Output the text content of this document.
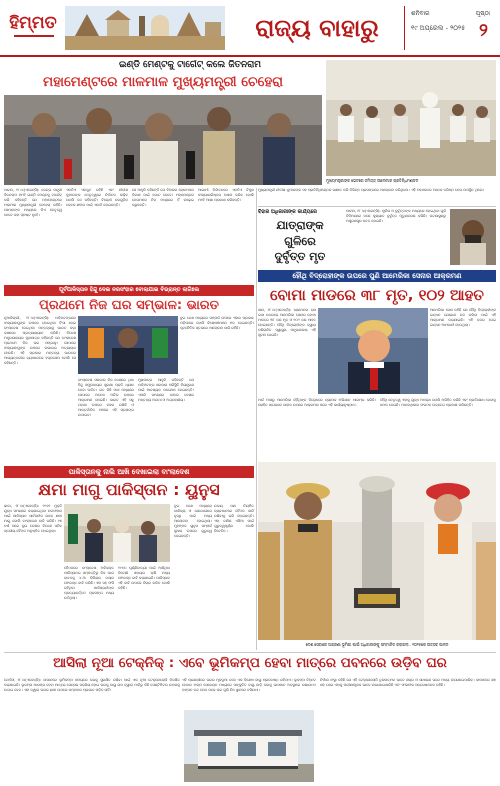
ହିମ୍ମତ	ରାଜ୍ୟ ବାହାରୁ	ଶନିବାର	ପୃଷ୍ଠା
୧୯ ଅପ୍ରେଲ - ୨୦୨୫ ୨
ଇଣ୍ଡି ମେଣ୍ଟକୁ ଟାର୍ଗେଟ୍ କଲେ ଜିତନରାମ
ମହାମେଣ୍ଟରେ ମାଳମାଳ ମୁଖ୍ୟମନ୍ତ୍ରୀ ଚେହେରା
ପାଟନା, ୧୮।୪(ଏଜେନ୍ସି): କେନ୍ଦ୍ର ମନ୍ତ୍ରୀ ଜିତନରାମ ମାଂଝି ଇଣ୍ଡି ମେଣ୍ଟକୁ ଟାର୍ଗେଟ୍ କରି କହିଛନ୍ତି ଯେ ମହାମେଣ୍ଟରେ ମାଳମାଳ ମୁଖ୍ୟମନ୍ତ୍ରୀ ଚେହେରା ରହିଛି। ସେମାନଙ୍କ ମଧ୍ୟରେ କିଏ ନେତୃତ୍ୱ ନେବେ ତାହା ସ୍ପଷ୍ଟ ନୁହେଁ।
ଏନଡିଏ ଏକଜୁଟ ରହିଛି ଏବଂ ନୀତୀଶ କୁମାରଙ୍କ ନେତୃତ୍ୱରେ ନିର୍ବାଚନ ଲଢ଼ିବ ବୋଲି ସେ କହିଛନ୍ତି। ବିରୋଧୀ ଦଳଗୁଡ଼ିକ କେବଳ କ୍ଷମତା ପାଇଁ ଏକାଠି ହୋଇଛନ୍ତି।
ସେ ଆହୁରି କହିଛନ୍ତି ଯେ ବିହାରର ଲୋକମାନେ ବିକାଶ ପାଇଁ ଭୋଟ ଦେବେ। ମହାମେଣ୍ଟର ନେତାମାନେ ନିଜ ମଧ୍ୟରେ ହିଁ ଲଢ଼େଇ କରୁଛନ୍ତି।
ଆଗାମୀ ନିର୍ବାଚନରେ ଏନଡିଏ ବିପୁଳ ସଂଖ୍ୟାଗରିଷ୍ଠତା ହାସଲ କରିବ ବୋଲି ମାଂଝି ଆଶା ପ୍ରକାଶ କରିଛନ୍ତି।
ମୁଖ୍ୟମନ୍ତ୍ରୀଙ୍କ ଭେଟରେ ଜମିୟତ୍ ଉଲେମାର ପ୍ରତିନିଧିମଣ୍ଡଳ
ମୁଖ୍ୟମନ୍ତ୍ରୀ ନୀତୀଶ କୁମାରଙ୍କ ସହ ପ୍ରତିନିଧିମଣ୍ଡଳ ସାକ୍ଷାତ କରି ବିଭିନ୍ନ ପ୍ରସଙ୍ଗରେ ଆଲୋଚନା କରିଥିଲେ। ଏହି ଅବସରରେ ଅନେକ ବରିଷ୍ଠ ନେତା ଉପସ୍ଥିତ ଥିଲେ।
ବିହାର ଅଧିକାରୀଙ୍କ କାର୍ଯ୍ୟରେ
ଯାତ୍ରାଙ୍କ
ଗୁଳିରେ
ଦୁର୍ବୃତ୍ତ ମୃତ
ପାଟନା, ୧୮।୪(ଏଜେନ୍ସି): ପୁଲିସ ଓ ଦୁର୍ବୃତ୍ତଙ୍କ ମଧ୍ୟରେ ହୋଇଥିବା ଗୁଳି ବିନିମୟରେ ଜଣେ କୁଖ୍ୟାତ ଦୁର୍ବୃତ୍ତ ମୃତ୍ୟୁବରଣ କରିଛି। ଘଟଣାସ୍ଥଳରୁ ଅସ୍ତ୍ରଶସ୍ତ୍ର ଜବତ ହୋଇଛି।
ହୌଥି ବିଦ୍ରୋହୀଙ୍କ ଉପରେ ପୁଣି ଆମେରିକା ସେନାର ଆକ୍ରମଣ
ପୂର୍ବପାକିସ୍ତାନ ହିନ୍ଦୁ ଦେଇ ନରସଂହାର ବୋଲାଯାଇ ବିଭ୍ରାନ୍ତ ଲାଗିଲେ
ପ୍ରଥମେ ନିଜ ଘର ସମ୍ଭାଳ: ଭାରତ
ନୂଆଦିଲ୍ଲୀ, ୧୮।୪(ଏଜେନ୍ସି): ପଶ୍ଚିମବଙ୍ଗରେ ସଂଖ୍ୟାଲଘୁଙ୍କ ଉପରେ ହୋଇଥିବା ହିଂସା ନେଇ ବାଂଲାଦେଶ ଦେଇଥିବା ମନ୍ତବ୍ୟକୁ ଭାରତ କଡ଼ା ଭାଷାରେ ପ୍ରତ୍ୟାଖ୍ୟାନ କରିଛି। ବିଦେଶ ମନ୍ତ୍ରଣାଳୟର ମୁଖପାତ୍ର କହିଛନ୍ତି ଯେ ବାଂଲାଦେଶ ପ୍ରଥମେ ନିଜ ଘର ସମ୍ଭାଳୁ। ସେଠାରେ ସଂଖ୍ୟାଲଘୁଙ୍କ ଉପରେ ଲଗାତାର ଅତ୍ୟାଚାର ହେଉଛି। ଏହି ପ୍ରକାର ମନ୍ତବ୍ୟ ଭାରତର ଆଭ୍ୟନ୍ତରୀଣ ବ୍ୟାପାରରେ ହସ୍ତକ୍ଷେପ ବୋଲି ସେ କହିଛନ୍ତି।
ବାଂଲାଦେଶ ସରକାର ନିଜ ଦେଶରେ ଥିବା ହିନ୍ଦୁ ସମ୍ପ୍ରଦାୟର ସୁରକ୍ଷା ପ୍ରତି ଧ୍ୟାନ ଦେବା ଉଚିତ। ଗତ କିଛି ମାସ ମଧ୍ୟରେ ସେଠାରେ ଅନେକ ମନ୍ଦିର ଉପରେ ଆକ୍ରମଣ ହୋଇଛି। ଭାରତ ଏହି ସବୁ ଘଟଣା ଉପରେ ନଜର ରଖିଛି ଓ ଆନ୍ତର୍ଜାତିକ ମଞ୍ଚରେ ଏହି ପ୍ରସଙ୍ଗ ଉଠାଇବ।
ମୁଖପାତ୍ର ଆହୁରି କହିଛନ୍ତି ଯେ ପଶ୍ଚିମବଙ୍ଗ ସରକାର ପରିସ୍ଥିତି ନିୟନ୍ତ୍ରଣ ପାଇଁ ଆବଶ୍ୟକ ପଦକ୍ଷେପ ନେଇଛନ୍ତି। ଏପରି ସମୟରେ ବାହାର ଦେଶର ମନ୍ତବ୍ୟ ଅଯଥା ଓ ଅଗ୍ରହଣୀୟ।
ଦୁଇ ଦେଶ ମଧ୍ୟରେ ସମ୍ପର୍କ ଉପରେ ଏହାର ପ୍ରଭାବ ପଡ଼ିପାରେ ବୋଲି ବିଶେଷଜ୍ଞମାନେ ମତ ଦେଇଛନ୍ତି। କୂଟନୈତିକ ସ୍ତରରେ ଆଲୋଚନା ଜାରି ରହିଛି।
ବୋମା ମାଡରେ ୩୮ ମୃତ, ୧୦୨ ଆହତ
ସାନା, ୧୮।୪(ଏଜେନ୍ସି): ୟେମେନର ରାସ ଇସା ବନ୍ଦରରେ ଆମେରିକା ସେନାର ବୋମା ମାଡରେ ୩୮ ଜଣ ମୃତ ଓ ୧୦୨ ଜଣ ଆହତ ହୋଇଛନ୍ତି। ହୌଥି ବିଦ୍ରୋହୀଙ୍କ ଦ୍ୱାରା ପରିଚାଳିତ ସ୍ୱାସ୍ଥ୍ୟ ମନ୍ତ୍ରଣାଳୟ ଏହି ସୂଚନା ଦେଇଛି।
ଆମେରିକା ସେନା କହିଛି ଯେ ହୌଥି ବିଦ୍ରୋହୀଙ୍କ ଇନ୍ଧନ ଯୋଗାଣ ବନ୍ଦ କରିବା ପାଇଁ ଏହି ଆକ୍ରମଣ କରାଯାଇଛି। ଏହି ବନ୍ଦର ଦେଇ ଇନ୍ଧନ ଆମଦାନୀ ହେଉଥିଲା।
ମାର୍ଚ୍ଚ ମାସରୁ ଆମେରିକା ହୌଥିଙ୍କ ବିରୋଧରେ ବ୍ୟାପକ ଅଭିଯାନ ଆରମ୍ଭ କରିଛି। ଲୋହିତ ସାଗରରେ ଜାହାଜ ଉପରେ ଆକ୍ରମଣ ପରେ ଏହି କାର୍ଯ୍ୟାନୁଷ୍ଠାନ।
ହୌଥି ନେତୃତ୍ୱ ଏହାକୁ ଯୁଦ୍ଧ ଅପରାଧ ବୋଲି ଅଭିହିତ କରିଛି ଏବଂ ପ୍ରତିଶୋଧ ନେବାକୁ ଧମକ ଦେଇଛି। ମାନବାଧିକାର ସଂଗଠନ ଉଦ୍‌ବେଗ ପ୍ରକାଶ କରିଛନ୍ତି।
ପାକିସ୍ତାନକୁ ନାଲି ଆଖି ଦେଖାଇଲା ବାଂଲାଦେଶ
କ୍ଷମା ମାଗୁ ପାକିସ୍ତାନ : ୟୁନୁସ
ଢାକା, ୧୮।୪(ଏଜେନ୍ସି): ୧୯୭୧ ମୁକ୍ତି ଯୁଦ୍ଧ ସମୟରେ କରାଯାଇଥିବା ନରସଂହାର ପାଇଁ ପାକିସ୍ତାନ ସାର୍ବଜନୀନ ଭାବେ କ୍ଷମା ମାଗୁ ବୋଲି ବାଂଲାଦେଶ ଦାବି କରିଛି। ୧୫ ବର୍ଷ ପରେ ଦୁଇ ଦେଶର ବିଦେଶ ସଚିବ ସ୍ତରୀୟ ବୈଠକ ଅନୁଷ୍ଠିତ ହୋଇଥିଲା।
ବୈଠକରେ ବାଂଲାଦେଶ ଅବିଭକ୍ତ ପାକିସ୍ତାନର ସମ୍ପତ୍ତିରୁ ନିଜ ଭାଗ ବାବଦକୁ ୪.୩ ବିଲିୟନ ଡଲାର ଫେରସ୍ତ ଦାବି କରିଛି। ଏହା ସହ ଫସି ରହିଥିବା ପାକିସ୍ତାନୀଙ୍କ ପ୍ରତ୍ୟାବର୍ତ୍ତନ ପ୍ରସଙ୍ଗ ମଧ୍ୟ ଉଠିଥିଲା।
୧୯୭୦ ଘୂର୍ଣ୍ଣିବାତ୍ୟା ପାଇଁ ଆସିଥିବା ବିଦେଶୀ ସହାୟତା ରାଶି ମଧ୍ୟ ଫେରସ୍ତ ଦାବି କରାଯାଇଛି। ପାକିସ୍ତାନ ଏହି ଦାବି ଉପରେ ବିଚାର କରିବ ବୋଲି କହିଛି।
ଦୁଇ ଦେଶ ମଧ୍ୟରେ ବାଣିଜ୍ୟ ଓ ଯୋଗାଯୋଗ ବୃଦ୍ଧି ପାଇଁ ମଧ୍ୟ ଆଲୋଚନା ହୋଇଥିଲା। ମୁହମ୍ମଦ ୟୁନୁସ ସମ୍ପର୍କ ସୁଧାର ଉପରେ ଗୁରୁତ୍ୱ ଦେଇଛନ୍ତି।
ଉଭୟ ପକ୍ଷ ନିୟମିତ ବ୍ୟବଧାନରେ ବୈଠକ ଜାରି ରଖିବାକୁ ରାଜି ହୋଇଛନ୍ତି। ଏହା ଦକ୍ଷିଣ ଏସିଆ ପାଇଁ ଗୁରୁତ୍ୱପୂର୍ଣ୍ଣ ବୋଲି ବିବେଚିତ।
ଦେଶ ସେବାରେ ଅଗ୍ରଣୀ ଭୂମିକା ପାଇଁ ଅଧିକାରୀଙ୍କୁ ସମ୍ମାନିତ କରାଗଲା - ୨୦୨୫ରେ ଉତ୍ସବ ପାଳନ
ଆସିଲା ନୂଆ ଟେକ୍ନିକ୍ : ଏବେ ଭୂମିକମ୍ପ ହେବା ମାତ୍ରେ ପବନରେ ଉଡ଼ିବ ଘର
ଟୋକିଓ, ୧୮।୪(ଏଜେନ୍ସି): ଜାପାନରେ ଭୂମିକମ୍ପ ସମୟରେ ଘରକୁ ସୁରକ୍ଷିତ ରଖିବା ପାଇଁ ଏକ ନୂଆ ଟେକ୍ନୋଲୋଜି ବିକଶିତ କରାଯାଇଛି। ଭୂକମ୍ପ ଆରମ୍ଭ ହେବା ମାତ୍ରେ ସେନ୍ସର ସକ୍ରିୟ ହୋଇ ଘରକୁ ବାୟୁ ଚାପ ଦ୍ୱାରା ମାଟିରୁ କିଛି ସେଣ୍ଟିମିଟର ଉପରକୁ ଉଠାଇ ଦେବ। ଏହା ଦ୍ୱାରା ଘରର ଢାଞ୍ଚା ଉପରେ କମ୍ପନର ପ୍ରଭାବ ପଡ଼ିବ ନାହିଁ।
ଏହି ପ୍ରଣାଳୀରେ ଘରର ମୂଳଦୁଆ ତଳେ ଏକ ବିଶେଷ ବାୟୁ ପ୍ରକୋଷ୍ଠ ରହିଥାଏ। ଭୂକମ୍ପ ଚିହ୍ନଟ ହେବାର ଅଳ୍ପ ସେକେଣ୍ଡ ମଧ୍ୟରେ ସଙ୍କୁଚିତ ବାୟୁ ଛାଡ଼ି ଘରକୁ ଭାସମାନ ଅବସ୍ଥାରେ ରଖାଯାଏ। କମ୍ପନ ବନ୍ଦ ହେବା ପରେ ଘର ପୁଣି ନିଜ ସ୍ଥାନରେ ବସିଯାଏ।
ନିର୍ମାଣ ସଂସ୍ଥା କହିଛି ଯେ ଏହି ଟେକ୍ନୋଲୋଜି ତୁଳନାତ୍ମକ ଭାବେ ଶସ୍ତା ଓ ସାଧାରଣ ଘରେ ମଧ୍ୟ ଲଗାଯାଇପାରିବ। ଜାପାନରେ ଶହ ଶହ ଘରେ ଏହାକୁ ପରୀକ୍ଷାମୂଳକ ଭାବେ ଲଗାଯାଇସାରିଛି ଏବଂ ଫଳାଫଳ ସନ୍ତୋଷଜନକ ରହିଛି।
